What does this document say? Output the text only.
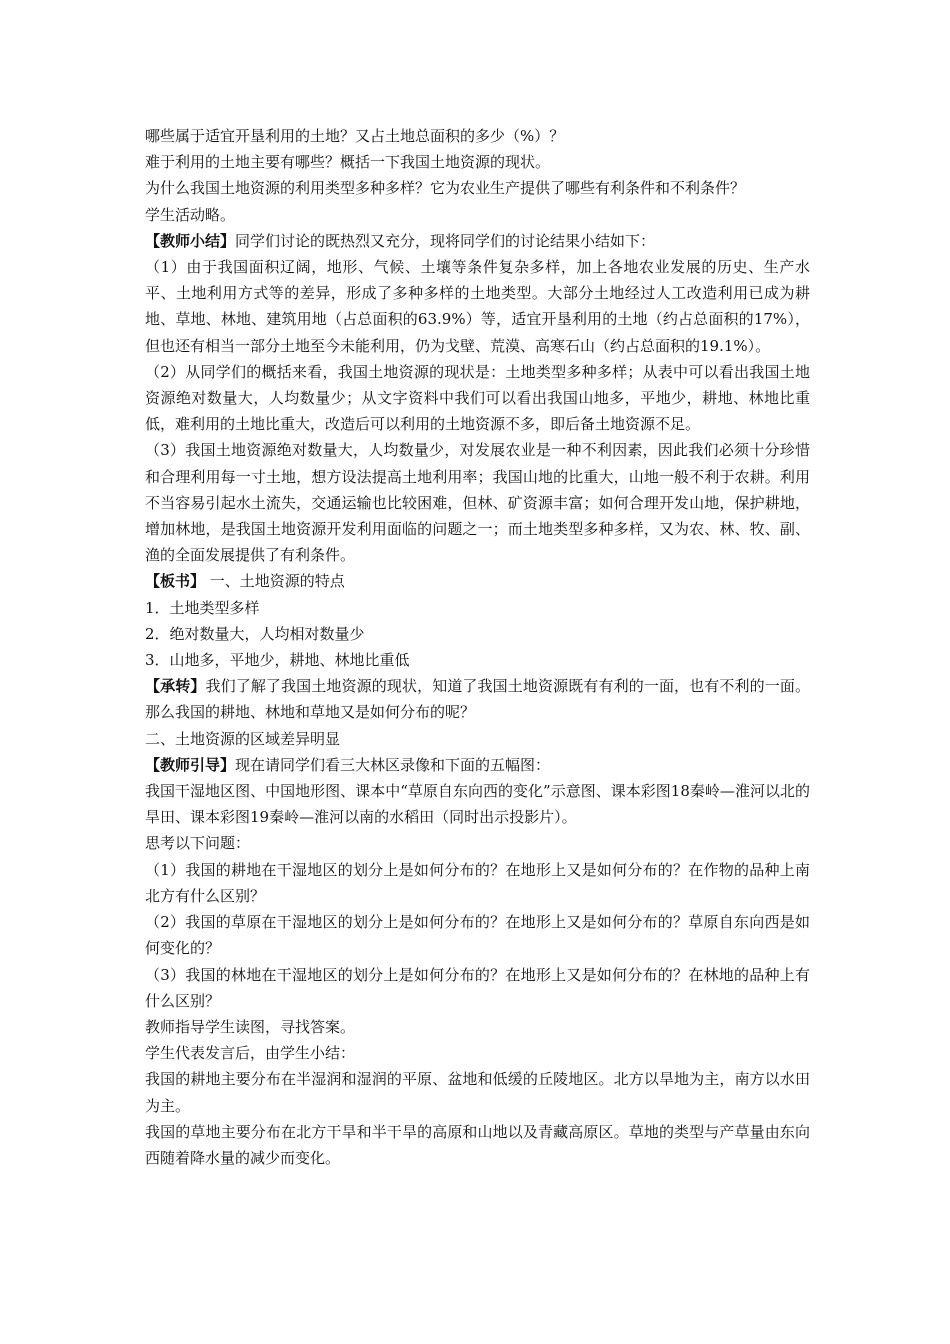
哪些属于适宜开垦利用的土地？又占土地总面积的多少（%）？

难于利用的土地主要有哪些？概括一下我国土地资源的现状。

为什么我国土地资源的利用类型多种多样？它为农业生产提供了哪些有利条件和不利条件？

学生活动略。

【教师小结】同学们讨论的既热烈又充分，现将同学们的讨论结果小结如下：

（1）由于我国面积辽阔，地形、气候、土壤等条件复杂多样，加上各地农业发展的历史、生产水平、土地利用方式等的差异，形成了多种多样的土地类型。大部分土地经过人工改造利用已成为耕地、草地、林地、建筑用地（占总面积的63.9%）等，适宜开垦利用的土地（约占总面积的17%），但也还有相当一部分土地至今未能利用，仍为戈壁、荒漠、高寒石山（约占总面积的19.1%）。

（2）从同学们的概括来看，我国土地资源的现状是：土地类型多种多样；从表中可以看出我国土地资源绝对数量大，人均数量少；从文字资料中我们可以看出我国山地多，平地少，耕地、林地比重低，难利用的土地比重大，改造后可以利用的土地资源不多，即后备土地资源不足。

（3）我国土地资源绝对数量大，人均数量少，对发展农业是一种不利因素，因此我们必须十分珍惜和合理利用每一寸土地，想方设法提高土地利用率；我国山地的比重大，山地一般不利于农耕。利用不当容易引起水土流失，交通运输也比较困难，但林、矿资源丰富；如何合理开发山地，保护耕地，增加林地，是我国土地资源开发利用面临的问题之一；而土地类型多种多样，又为农、林、牧、副、渔的全面发展提供了有利条件。

【板书】 一、土地资源的特点

1．土地类型多样

2．绝对数量大，人均相对数量少

3．山地多，平地少，耕地、林地比重低

【承转】我们了解了我国土地资源的现状，知道了我国土地资源既有有利的一面，也有不利的一面。那么我国的耕地、林地和草地又是如何分布的呢？

二、土地资源的区域差异明显

【教师引导】现在请同学们看三大林区录像和下面的五幅图：

我国干湿地区图、中国地形图、课本中“草原自东向西的变化”示意图、课本彩图18秦岭—淮河以北的旱田、课本彩图19秦岭—淮河以南的水稻田（同时出示投影片）。

思考以下问题：

（1）我国的耕地在干湿地区的划分上是如何分布的？在地形上又是如何分布的？在作物的品种上南北方有什么区别？

（2）我国的草原在干湿地区的划分上是如何分布的？在地形上又是如何分布的？草原自东向西是如何变化的？

（3）我国的林地在干湿地区的划分上是如何分布的？在地形上又是如何分布的？在林地的品种上有什么区别？

教师指导学生读图，寻找答案。

学生代表发言后，由学生小结：

我国的耕地主要分布在半湿润和湿润的平原、盆地和低缓的丘陵地区。北方以旱地为主，南方以水田为主。

我国的草地主要分布在北方干旱和半干旱的高原和山地以及青藏高原区。草地的类型与产草量由东向西随着降水量的减少而变化。
